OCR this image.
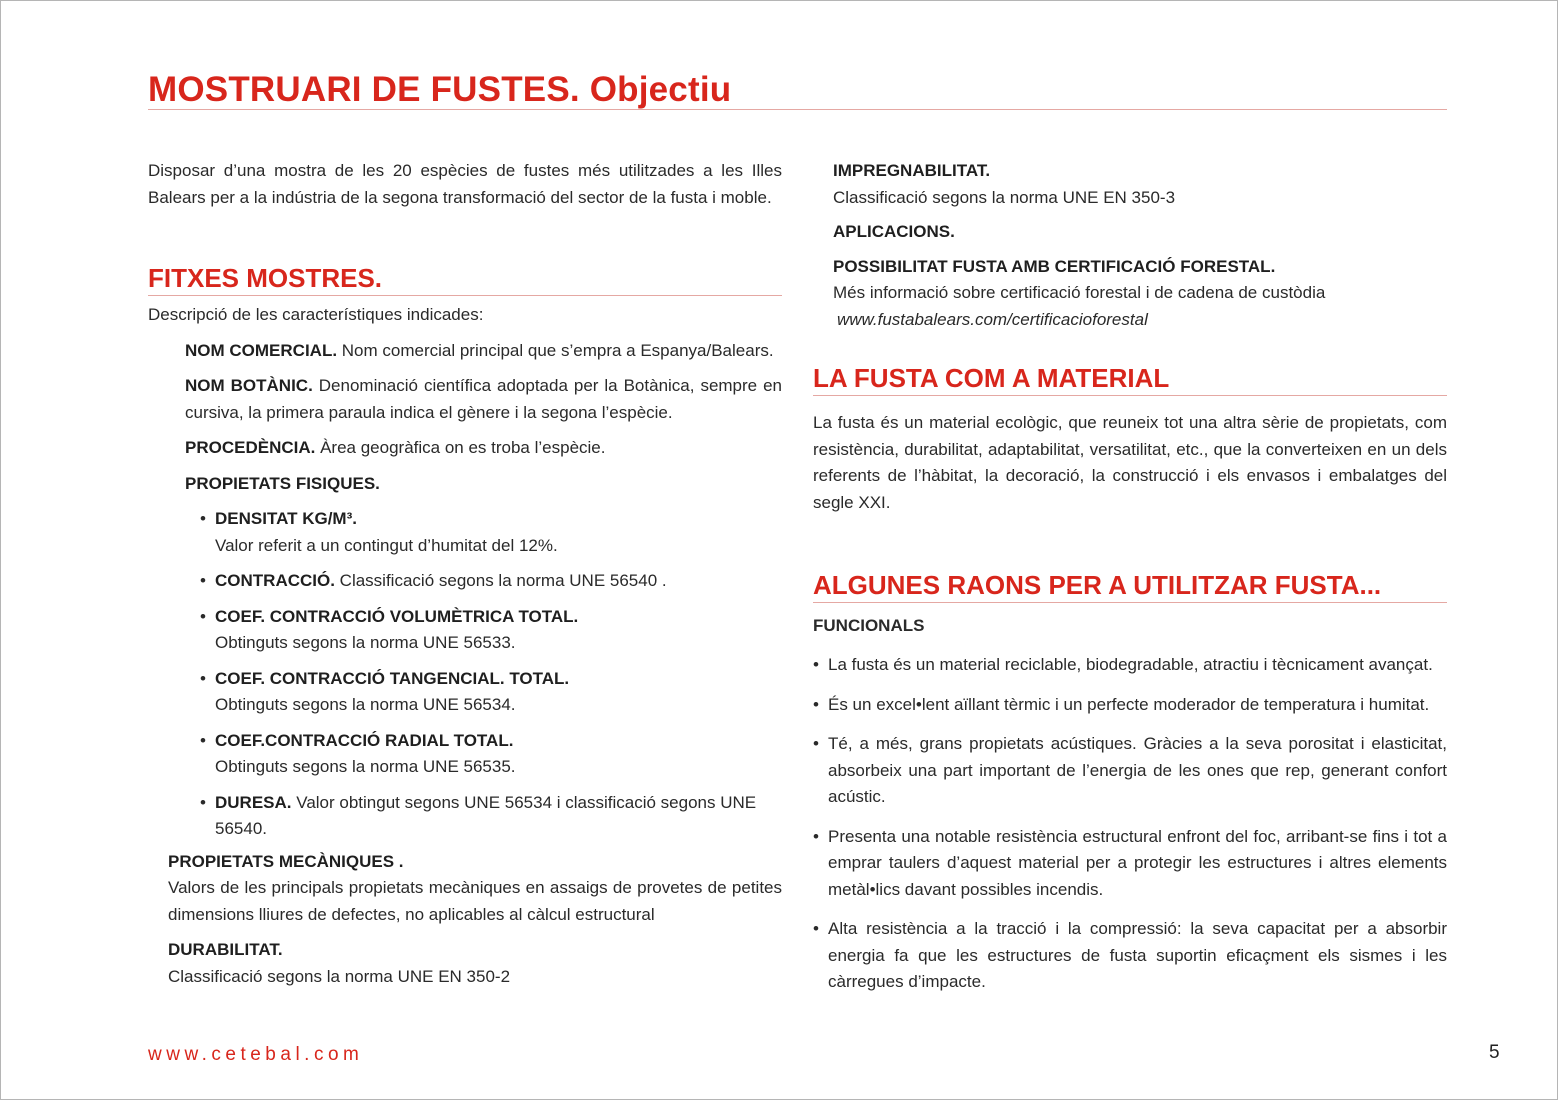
MOSTRUARI DE FUSTES. Objectiu

Disposar d’una mostra de les 20 espècies de fustes més utilitzades a les Illes Balears per a la indústria de la segona transformació del sector de la fusta i moble.

FITXES MOSTRES.

Descripció de les característiques indicades:

NOM COMERCIAL. Nom comercial principal que s’empra a Espanya/Balears.

NOM BOTÀNIC. Denominació científica adoptada per la Botànica, sempre en cursiva, la primera paraula indica el gènere i la segona l’espècie.

PROCEDÈNCIA. Àrea geogràfica on es troba l’espècie.

PROPIETATS FISIQUES.

• DENSITAT KG/M³.
Valor referit a un contingut d’humitat del 12%.
• CONTRACCIÓ. Classificació segons la norma UNE 56540 .
• COEF. CONTRACCIÓ VOLUMÈTRICA TOTAL.
Obtinguts segons la norma UNE 56533.
• COEF. CONTRACCIÓ TANGENCIAL. TOTAL.
Obtinguts segons la norma UNE 56534.
• COEF.CONTRACCIÓ RADIAL TOTAL.
Obtinguts segons la norma UNE 56535.
• DURESA. Valor obtingut segons UNE 56534 i classificació segons UNE 56540.

PROPIETATS MECÀNIQUES .

Valors de les principals propietats mecàniques en assaigs de provetes de petites dimensions lliures de defectes, no aplicables al càlcul estructural

DURABILITAT.

Classificació segons la norma UNE EN 350-2

IMPREGNABILITAT.

Classificació segons la norma UNE EN 350-3

APLICACIONS.

POSSIBILITAT FUSTA AMB CERTIFICACIÓ FORESTAL.

Més informació sobre certificació forestal i de cadena de custòdia

www.fustabalears.com/certificacioforestal

LA FUSTA COM A MATERIAL

La fusta és un material ecològic, que reuneix tot una altra sèrie de propietats, com resistència, durabilitat, adaptabilitat, versatilitat, etc., que la converteixen en un dels referents de l’hàbitat, la decoració, la construcció i els envasos i embalatges del segle XXI.

ALGUNES RAONS PER A UTILITZAR FUSTA...

FUNCIONALS

• La fusta és un material reciclable, biodegradable, atractiu i tècnicament avançat.
• És un excel•lent aïllant tèrmic i un perfecte moderador de temperatura i humitat.
• Té, a més, grans propietats acústiques. Gràcies a la seva porositat i elasticitat, absorbeix una part important de l’energia de les ones que rep, generant confort acústic.
• Presenta una notable resistència estructural enfront del foc, arribant-se fins i tot a emprar taulers d’aquest material per a protegir les estructures i altres elements metàl•lics davant possibles incendis.
• Alta resistència a la tracció i la compressió: la seva capacitat per a absorbir energia fa que les estructures de fusta suportin eficaçment els sismes i les càrregues d’impacte.
www.cetebal.com	5
